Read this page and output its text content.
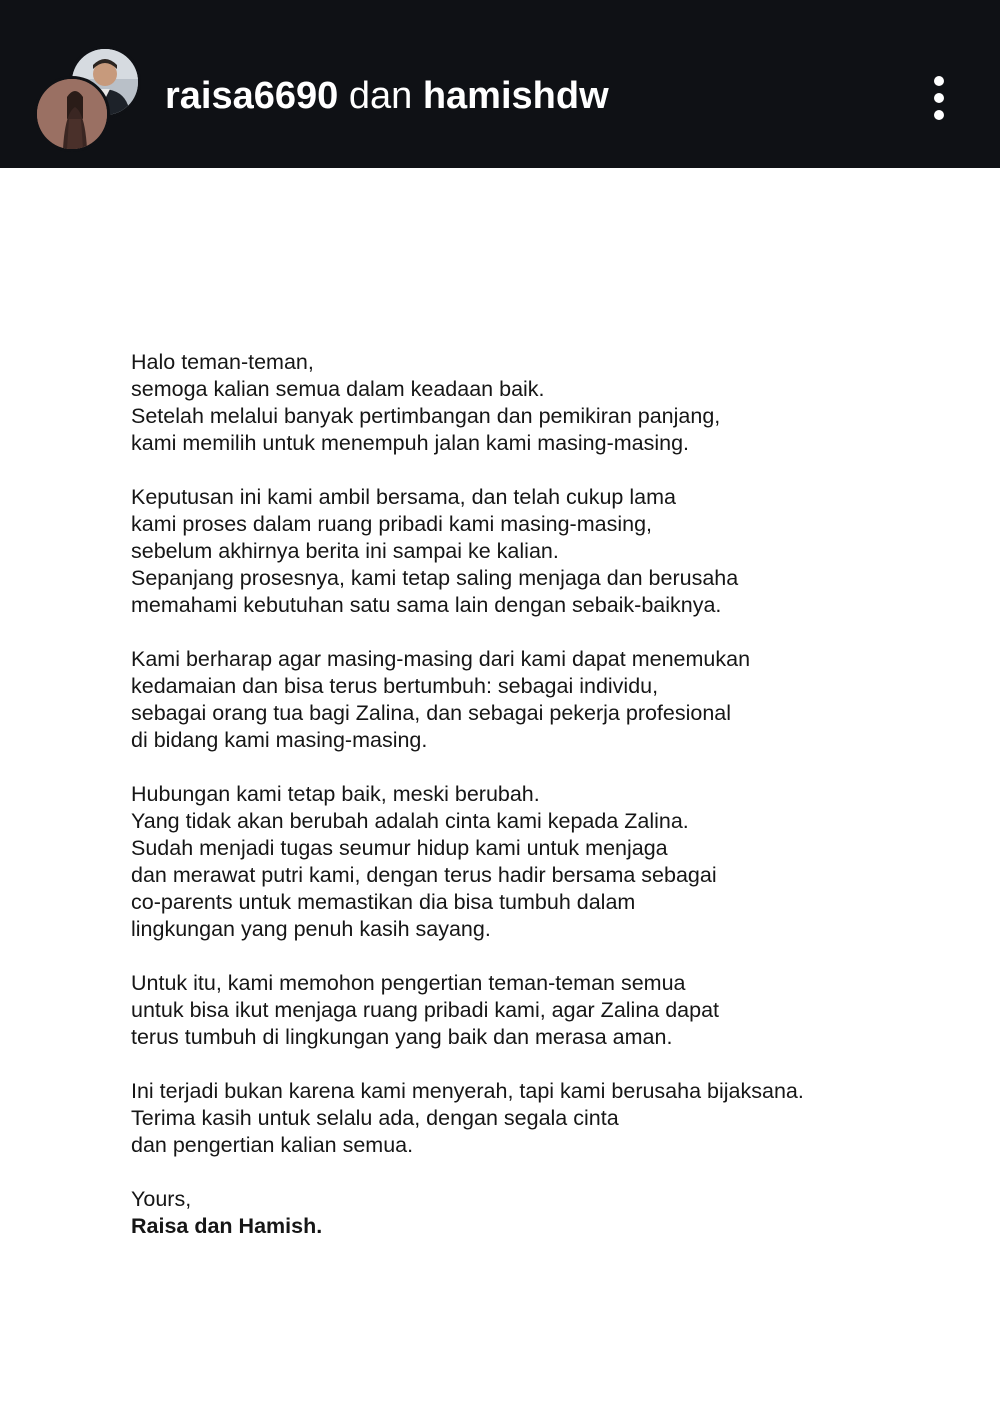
raisa6690 dan hamishdw
Halo teman-teman,
semoga kalian semua dalam keadaan baik.
Setelah melalui banyak pertimbangan dan pemikiran panjang,
kami memilih untuk menempuh jalan kami masing-masing.
Keputusan ini kami ambil bersama, dan telah cukup lama
kami proses dalam ruang pribadi kami masing-masing,
sebelum akhirnya berita ini sampai ke kalian.
Sepanjang prosesnya, kami tetap saling menjaga dan berusaha
memahami kebutuhan satu sama lain dengan sebaik-baiknya.
Kami berharap agar masing-masing dari kami dapat menemukan
kedamaian dan bisa terus bertumbuh: sebagai individu,
sebagai orang tua bagi Zalina, dan sebagai pekerja profesional
di bidang kami masing-masing.
Hubungan kami tetap baik, meski berubah.
Yang tidak akan berubah adalah cinta kami kepada Zalina.
Sudah menjadi tugas seumur hidup kami untuk menjaga
dan merawat putri kami, dengan terus hadir bersama sebagai
co-parents untuk memastikan dia bisa tumbuh dalam
lingkungan yang penuh kasih sayang.
Untuk itu, kami memohon pengertian teman-teman semua
untuk bisa ikut menjaga ruang pribadi kami, agar Zalina dapat
terus tumbuh di lingkungan yang baik dan merasa aman.
Ini terjadi bukan karena kami menyerah, tapi kami berusaha bijaksana.
Terima kasih untuk selalu ada, dengan segala cinta
dan pengertian kalian semua.
Yours,
Raisa dan Hamish.
